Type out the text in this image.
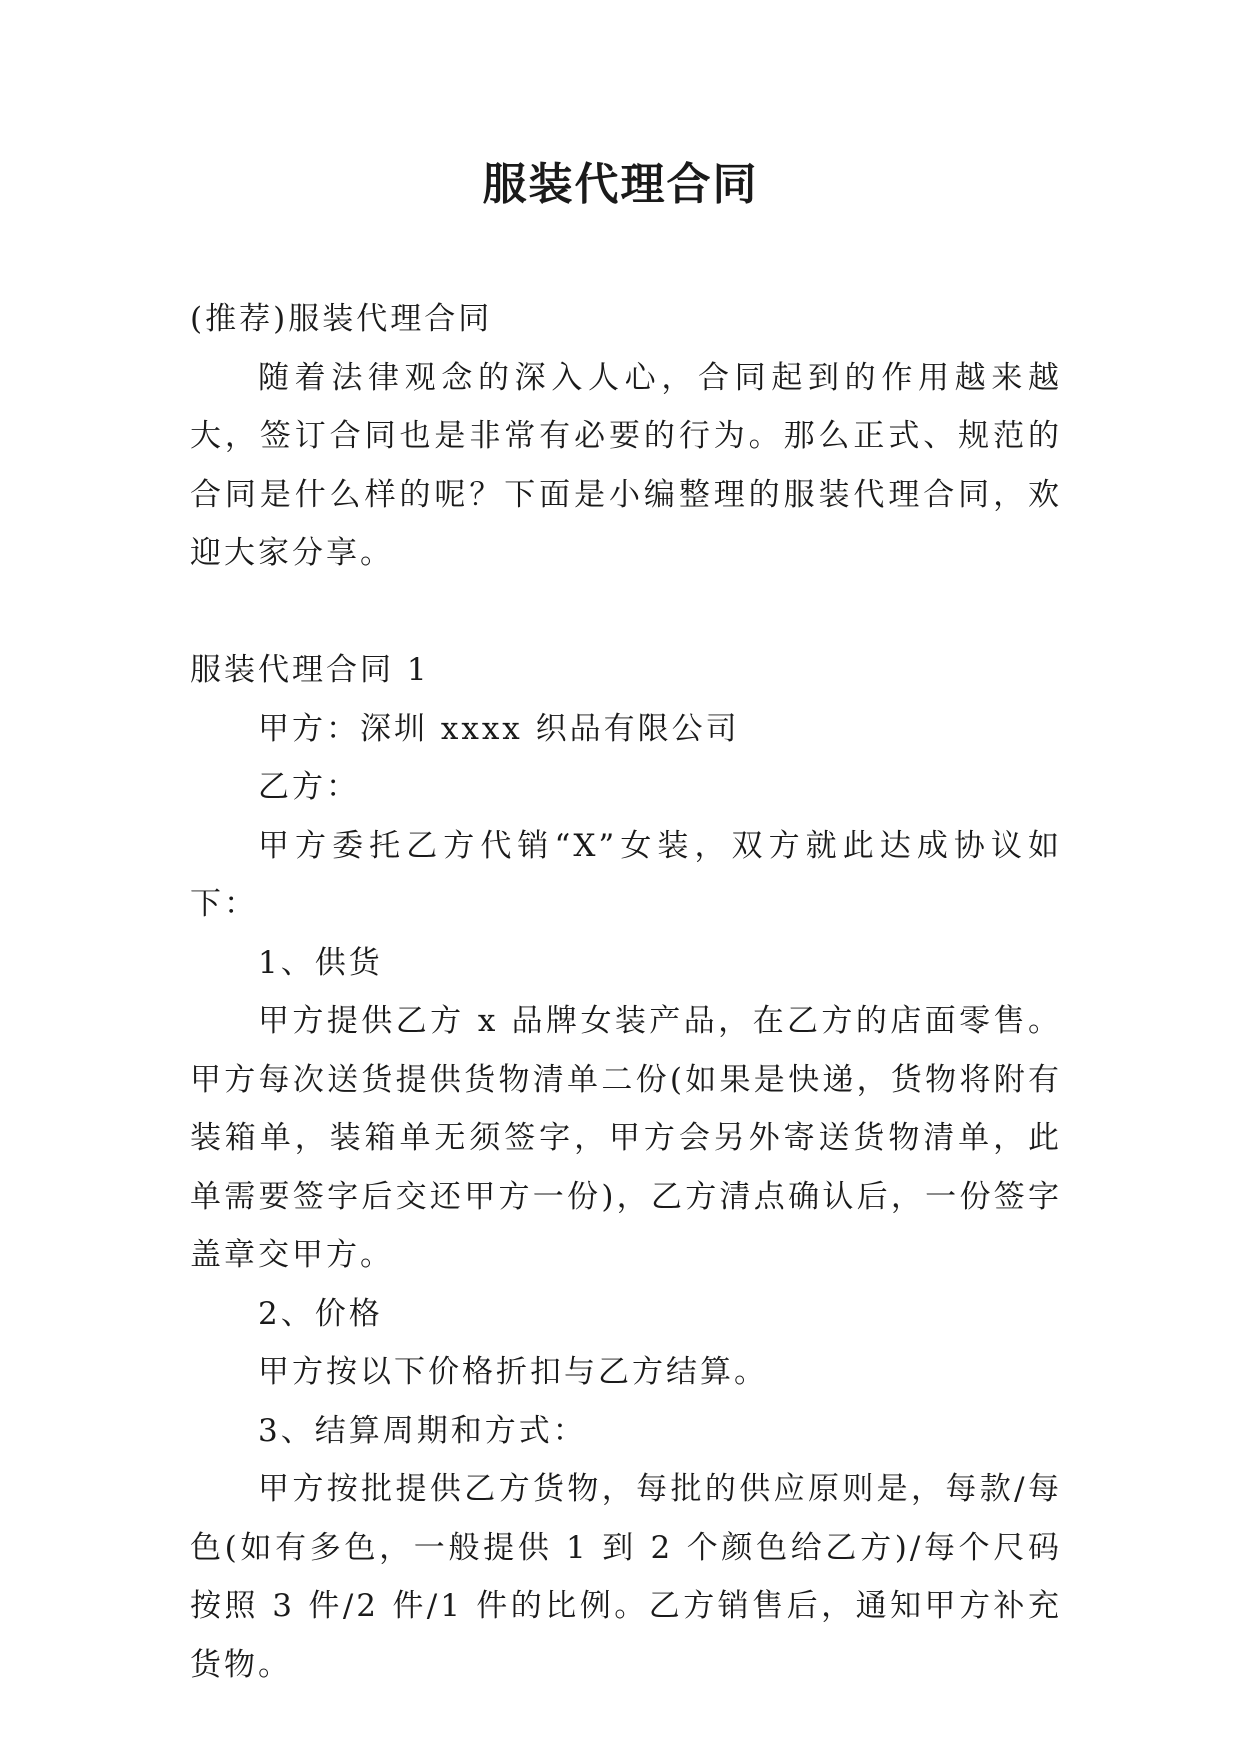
服装代理合同

(推荐)服装代理合同

随着法律观念的深入人心，合同起到的作用越来越大，签订合同也是非常有必要的行为。那么正式、规范的合同是什么样的呢？下面是小编整理的服装代理合同，欢迎大家分享。

服装代理合同 1

甲方：深圳 xxxx 织品有限公司

乙方：

甲方委托乙方代销“X”女装，双方就此达成协议如下：

1、供货

甲方提供乙方 x 品牌女装产品，在乙方的店面零售。甲方每次送货提供货物清单二份(如果是快递，货物将附有装箱单，装箱单无须签字，甲方会另外寄送货物清单，此单需要签字后交还甲方一份)，乙方清点确认后，一份签字盖章交甲方。

2、价格

甲方按以下价格折扣与乙方结算。

3、结算周期和方式：

甲方按批提供乙方货物，每批的供应原则是，每款/每色(如有多色，一般提供 1 到 2 个颜色给乙方)/每个尺码按照 3 件/2 件/1 件的比例。乙方销售后，通知甲方补充货物。
